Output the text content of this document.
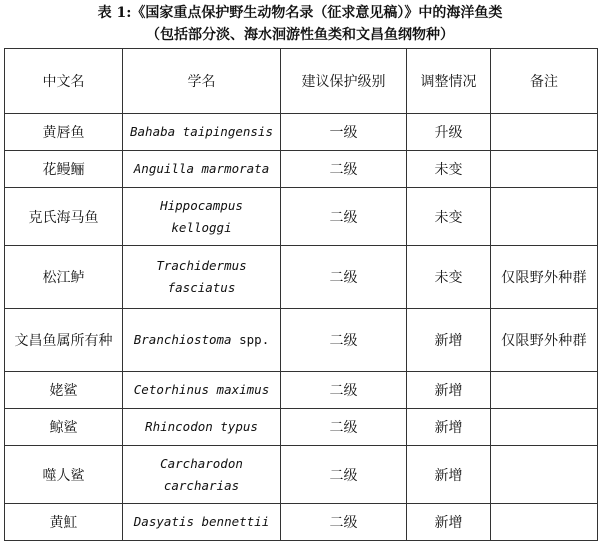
表 1:《国家重点保护野生动物名录（征求意见稿）》中的海洋鱼类
（包括部分淡、海水洄游性鱼类和文昌鱼纲物种）
中文名	学名	建议保护级别	调整情况	备注
黄唇鱼	Bahaba taipingensis	一级	升级	
花鳗鲡	Anguilla marmorata	二级	未变	
克氏海马鱼	Hippocampus kelloggi	二级	未变	
松江鲈	Trachidermus fasciatus	二级	未变	仅限野外种群
文昌鱼属所有种	Branchiostoma spp.	二级	新增	仅限野外种群
姥鲨	Cetorhinus maximus	二级	新增	
鲸鲨	Rhincodon typus	二级	新增	
噬人鲨	Carcharodon carcharias	二级	新增	
黄魟	Dasyatis bennettii	二级	新增	
